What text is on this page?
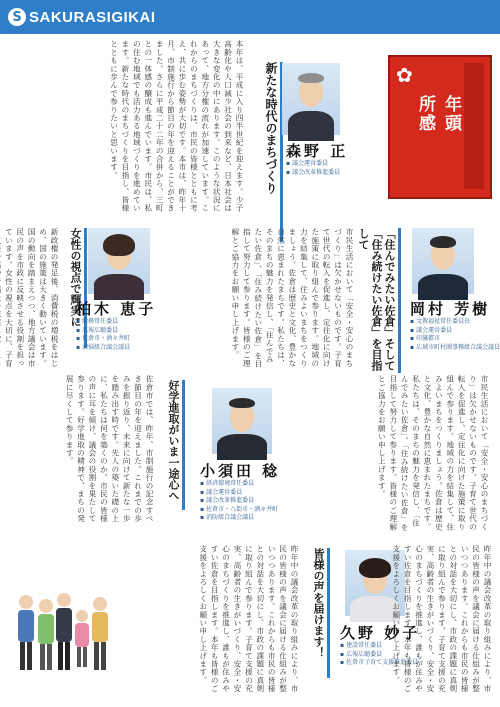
S SAKURASIGIKAI
本年は、平成に入り四半世紀を迎えます。少子高齢化や人口減少社会の到来など、日本社会は大きな変化の中にあります。このような状況にあって、地方分権の流れが加速しています。これからのまちづくりは、市民の皆様とともに考え、共に歩む姿勢が大切です。本市は、昨年十月、市制施行から節目の年を迎えることができました。さらに平成二十二年の合併から、三町との一体感の醸成も進んでいます。市民は、私の住む地域でも活力ある地域づくりを進めています。新たな時代のまちづくりを目指し、皆様とともに歩んで参りたいと思います。	新たな時代のまちづくり 森野 正
▪ 議会運営委員
▪ 議会改革推進委員
✿
年頭
所感
市民生活において「安全・安心のまちづくり」は欠かせないものです。子育て世代の転入を促進し、定住化に向けた施策に取り組んで参ります。地域の力を結集して、住みよいまちをつくりましょう。佐倉は歴史と文化、豊かな自然に恵まれたまちです。私たちは、そのまちの魅力を発信し、「住んでみたい佐倉」、「住み続けたい佐倉」を目指して努力して参ります。皆様のご理解とご協力をお願い申し上げます。	「住んでみたい佐倉」そして「住み続けたい佐倉」を目指して
岡村 芳樹
▪ 文教福祉常任委員長
▪ 議会運営委員
▪ 印旛都市
▪ 広域市町村圏事務組合議会議員
新政権の発足後、消費税の増税をはじめ、国の施策は大きく動いています。国の動向を踏まえつつ、地方議会は市民の声を市政に反映させる役割を担っています。女性の視点を大切に、子育
女性の視点で輝実に
柏木 恵子
▪ 総務常任委員
▪ 広報広聴委員
▪ 佐倉市・酒々井町
▪ 清掃組合議会議員
佐倉市では、昨年、市制施行の記念すべき節目の年を迎えました。これまでの歩みを振り返り、未来に向けて新たな一歩を踏み出す時です。先人の築いた礎の上に、私たちは何を築くのか。市民の皆様の声に耳を傾け、議会の役割を果たして参ります。好学進取の精神で、まちの発展に尽くして参ります。	好学進取がいま一途心へ	小須田 稔
▪ 経済環境常任委員
▪ 議会運営委員
▪ 議会改革推進委員
▪ 佐倉市・八街市・酒々井町
▪ 消防組合議会議員	市民生活において「安全・安心のまちづくり」は欠かせないものです。子育て世代の転入を促進し、定住化に向けた施策に取り組んで参ります。地域の力を結集して、住みよいまちをつくりましょう。佐倉は歴史と文化、豊かな自然に恵まれたまちです。私たちは、そのまちの魅力を発信し、「住んでみたい佐倉」、「住み続けたい佐倉」を目指して努力して参ります。皆様のご理解とご協力をお願い申し上げます。
昨年中の議会改革の取り組みにより、市民の皆様の声を議会に届ける仕組みが整いつつあります。これからも市民の皆様との対話を大切にし、市政の課題に真剣に取り組んで参ります。子育て支援の充実、高齢者の生きがいづくり、安全・安心のまちづくりを推進し、誰もが住みやすい佐倉を目指します。本年も皆様のご支援をよろしくお願い申し上げます。	皆様の声を届けます！	久野 妙子
▪ 建設常任委員
▪ 広報広聴委員
▪ 佐倉市子育て支援推進委員	昨年中の議会改革の取り組みにより、市民の皆様の声を議会に届ける仕組みが整いつつあります。これからも市民の皆様との対話を大切にし、市政の課題に真剣に取り組んで参ります。子育て支援の充実、高齢者の生きがいづくり、安全・安心のまちづくりを推進し、誰もが住みやすい佐倉を目指します。本年も皆様のご支援をよろしくお願い申し上げます。
